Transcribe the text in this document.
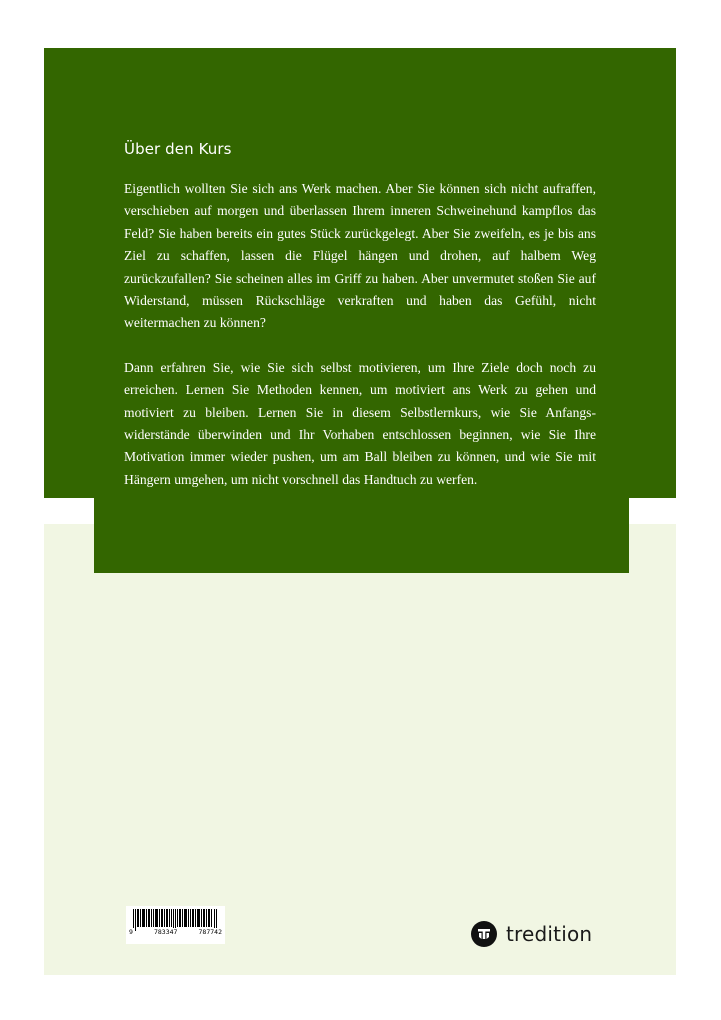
Über den Kurs

Eigentlich wollten Sie sich ans Werk machen. Aber Sie können sich nicht aufraffen, verschieben auf morgen und überlassen Ihrem inneren Schweinehund kampflos das Feld? Sie haben bereits ein gutes Stück zurückgelegt. Aber Sie zweifeln, es je bis ans Ziel zu schaffen, lassen die Flügel hängen und drohen, auf halbem Weg zurückzufallen? Sie scheinen alles im Griff zu haben. Aber unvermutet stoßen Sie auf Widerstand, müssen Rückschläge verkraften und haben das Gefühl, nicht weitermachen zu können?

Dann erfahren Sie, wie Sie sich selbst motivieren, um Ihre Ziele doch noch zu erreichen. Lernen Sie Methoden kennen, um motiviert ans Werk zu gehen und motiviert zu bleiben. Lernen Sie in diesem Selbstlernkurs, wie Sie Anfangswiderstände überwinden und Ihr Vorhaben entschlossen beginnen, wie Sie Ihre Motivation immer wieder pushen, um am Ball bleiben zu können, und wie Sie mit Hängern umgehen, um nicht vorschnell das Handtuch zu werfen.

9	783347	787742	tredition
